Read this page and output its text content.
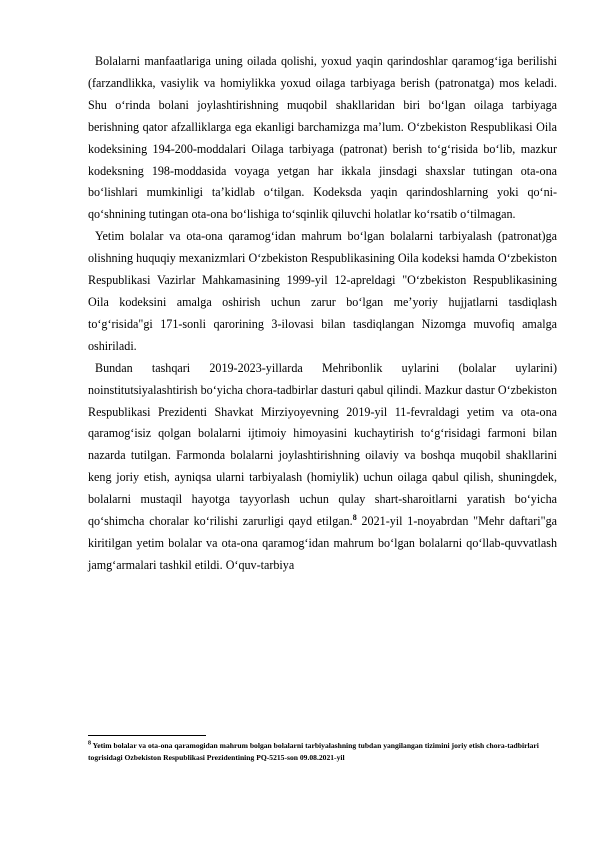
Bolalarni manfaatlariga uning oilada qolishi, yoxud yaqin qarindoshlar qaramogʻiga berilishi (farzandlikka, vasiylik va homiylikka yoxud oilaga tarbiyaga berish (patronatga) mos keladi. Shu oʻrinda bolani joylashtirishning muqobil shakllaridan biri boʻlgan oilaga tarbiyaga berishning qator afzalliklarga ega ekanligi barchamizga maʼlum. Oʻzbekiston Respublikasi Oila kodeksining 194-200-moddalari Oilaga tarbiyaga (patronat) berish toʻgʻrisida boʻlib, mazkur kodeksning 198-moddasida voyaga yetgan har ikkala jinsdagi shaxslar tutingan ota-ona boʻlishlari mumkinligi taʼkidlab oʻtilgan. Kodeksda yaqin qarindoshlarning yoki qoʻni-qoʻshnining tutingan ota-ona boʻlishiga toʻsqinlik qiluvchi holatlar koʻrsatib oʻtilmagan.

Yetim bolalar va ota-ona qaramogʻidan mahrum boʻlgan bolalarni tarbiyalash (patronat)ga olishning huquqiy mexanizmlari Oʻzbekiston Respublikasining Oila kodeksi hamda Oʻzbekiston Respublikasi Vazirlar Mahkamasining 1999-yil 12-apreldagi "Oʻzbekiston Respublikasining Oila kodeksini amalga oshirish uchun zarur boʻlgan meʼyoriy hujjatlarni tasdiqlash toʻgʻrisida"gi 171-sonli qarorining 3-ilovasi bilan tasdiqlangan Nizomga muvofiq amalga oshiriladi.

Bundan tashqari 2019-2023-yillarda Mehribonlik uylarini (bolalar uylarini) noinstitutsiyalashtirish boʻyicha chora-tadbirlar dasturi qabul qilindi. Mazkur dastur Oʻzbekiston Respublikasi Prezidenti Shavkat Mirziyoyevning 2019-yil 11-fevraldagi yetim va ota-ona qaramogʻisiz qolgan bolalarni ijtimoiy himoyasini kuchaytirish toʻgʻrisidagi farmoni bilan nazarda tutilgan. Farmonda bolalarni joylashtirishning oilaviy va boshqa muqobil shakllarini keng joriy etish, ayniqsa ularni tarbiyalash (homiylik) uchun oilaga qabul qilish, shuningdek, bolalarni mustaqil hayotga tayyorlash uchun qulay shart-sharoitlarni yaratish boʻyicha qoʻshimcha choralar koʻrilishi zarurligi qayd etilgan.$^8$ 2021-yil 1-noyabrdan "Mehr daftari"ga kiritilgan yetim bolalar va ota-ona qaramogʻidan mahrum boʻlgan bolalarni qoʻllab-quvvatlash jamgʻarmalari tashkil etildi. Oʻquv-tarbiya

$^8$ Yetim bolalar va ota-ona qaramogidan mahrum bolgan bolalarni tarbiyalashning tubdan yangilangan tizimini joriy etish chora-tadbirlari togrisidagi Ozbekiston Respublikasi Prezidentining PQ-5215-son 09.08.2021-yil
